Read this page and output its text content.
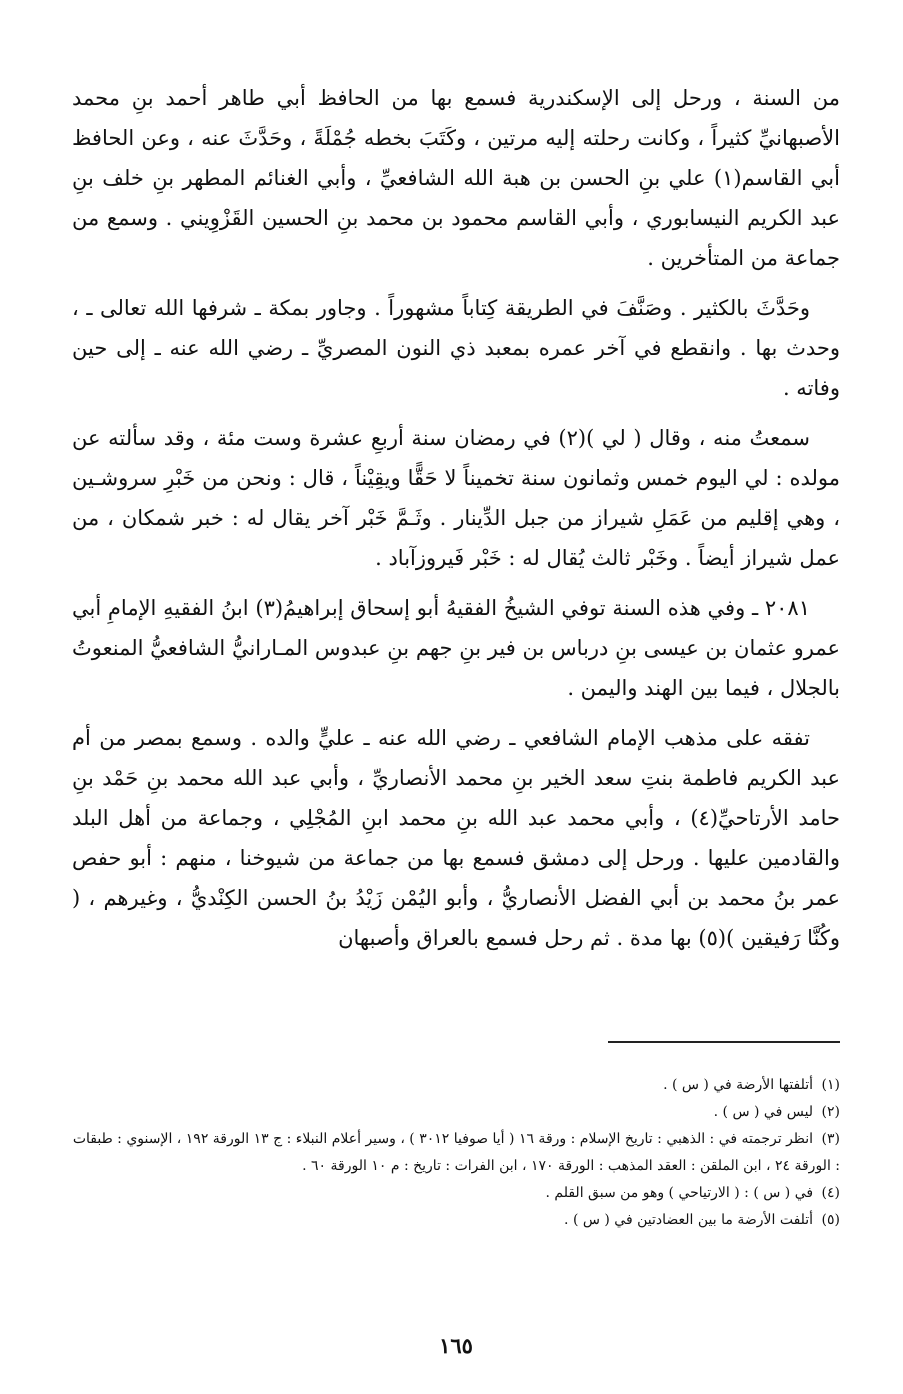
من السنة ، ورحل إلى الإسكندرية فسمع بها من الحافظ أبي طاهر أحمد بنِ محمد الأصبهانيِّ كثيراً ، وكانت رحلته إليه مرتين ، وكَتَبَ بخطه جُمْلَةً ، وحَدَّثَ عنه ، وعن الحافظ أبي القاسم(١) علي بنِ الحسن بن هبة الله الشافعيِّ ، وأبي الغنائم المطهر بنِ خلف بنِ عبد الكريم النيسابوري ، وأبي القاسم محمود بن محمد بنِ الحسين القَزْوِيني . وسمع من جماعة من المتأخرين .

وحَدَّثَ بالكثير . وصَنَّفَ في الطريقة كِتاباً مشهوراً . وجاور بمكة ـ شرفها الله تعالى ـ ، وحدث بها . وانقطع في آخر عمره بمعبد ذي النون المصريِّ ـ رضي الله عنه ـ إلى حين وفاته .

سمعتُ منه ، وقال ( لي )(٢) في رمضان سنة أربعِ عشرة وست مئة ، وقد سألته عن مولده : لي اليوم خمس وثمانون سنة تخميناً لا حَقًّا ويقِيْناً ، قال : ونحن من خَبْرِ سروشـين ، وهي إقليم من عَمَلِ شيراز من جبل الدِّينار . وثَـمَّ خَبْر آخر يقال له : خبر شمكان ، من عمل شيراز أيضاً . وخَبْر ثالث يُقال له : خَبْر فَيروزآباد .

٢٠٨١ ـ وفي هذه السنة توفي الشيخُ الفقيهُ أبو إسحاق إبراهيمُ(٣) ابنُ الفقيهِ الإمامِ أبي عمرو عثمان بن عيسى بنِ درباس بن فير بنِ جهم بنِ عبدوس المـارانيُّ الشافعيُّ المنعوتُ بالجلال ، فيما بين الهند واليمن .

تفقه على مذهب الإمام الشافعي ـ رضي الله عنه ـ عليٍّ والده . وسمع بمصر من أم عبد الكريم فاطمة بنتِ سعد الخير بنِ محمد الأنصاريِّ ، وأبي عبد الله محمد بنِ حَمْد بنِ حامد الأرتاحيِّ(٤) ، وأبي محمد عبد الله بنِ محمد ابنِ المُجْلِي ، وجماعة من أهل البلد والقادمين عليها . ورحل إلى دمشق فسمع بها من جماعة من شيوخنا ، منهم : أبو حفص عمر بنُ محمد بن أبي الفضل الأنصاريُّ ، وأبو اليُمْن زَيْدُ بنُ الحسن الكِنْديُّ ، وغيرهم ، ( وكُنَّا رَفيقين )(٥) بها مدة . ثم رحل فسمع بالعراق وأصبهان

(١) أتلفتها الأرضة في ( س ) .

(٢) ليس في ( س ) .

(٣) انظر ترجمته في : الذهبي : تاريخ الإسلام : ورقة ١٦ ( أيا صوفيا ٣٠١٢ ) ، وسير أعلام النبلاء : ج ١٣ الورقة ١٩٢ ، الإسنوي : طبقات : الورقة ٢٤ ، ابن الملقن : العقد المذهب : الورقة ١٧٠ ، ابن الفرات : تاريخ : م ١٠ الورقة ٦٠ .

(٤) في ( س ) : ( الارتياحي ) وهو من سبق القلم .

(٥) أتلفت الأرضة ما بين العضادتين في ( س ) .

١٦٥
